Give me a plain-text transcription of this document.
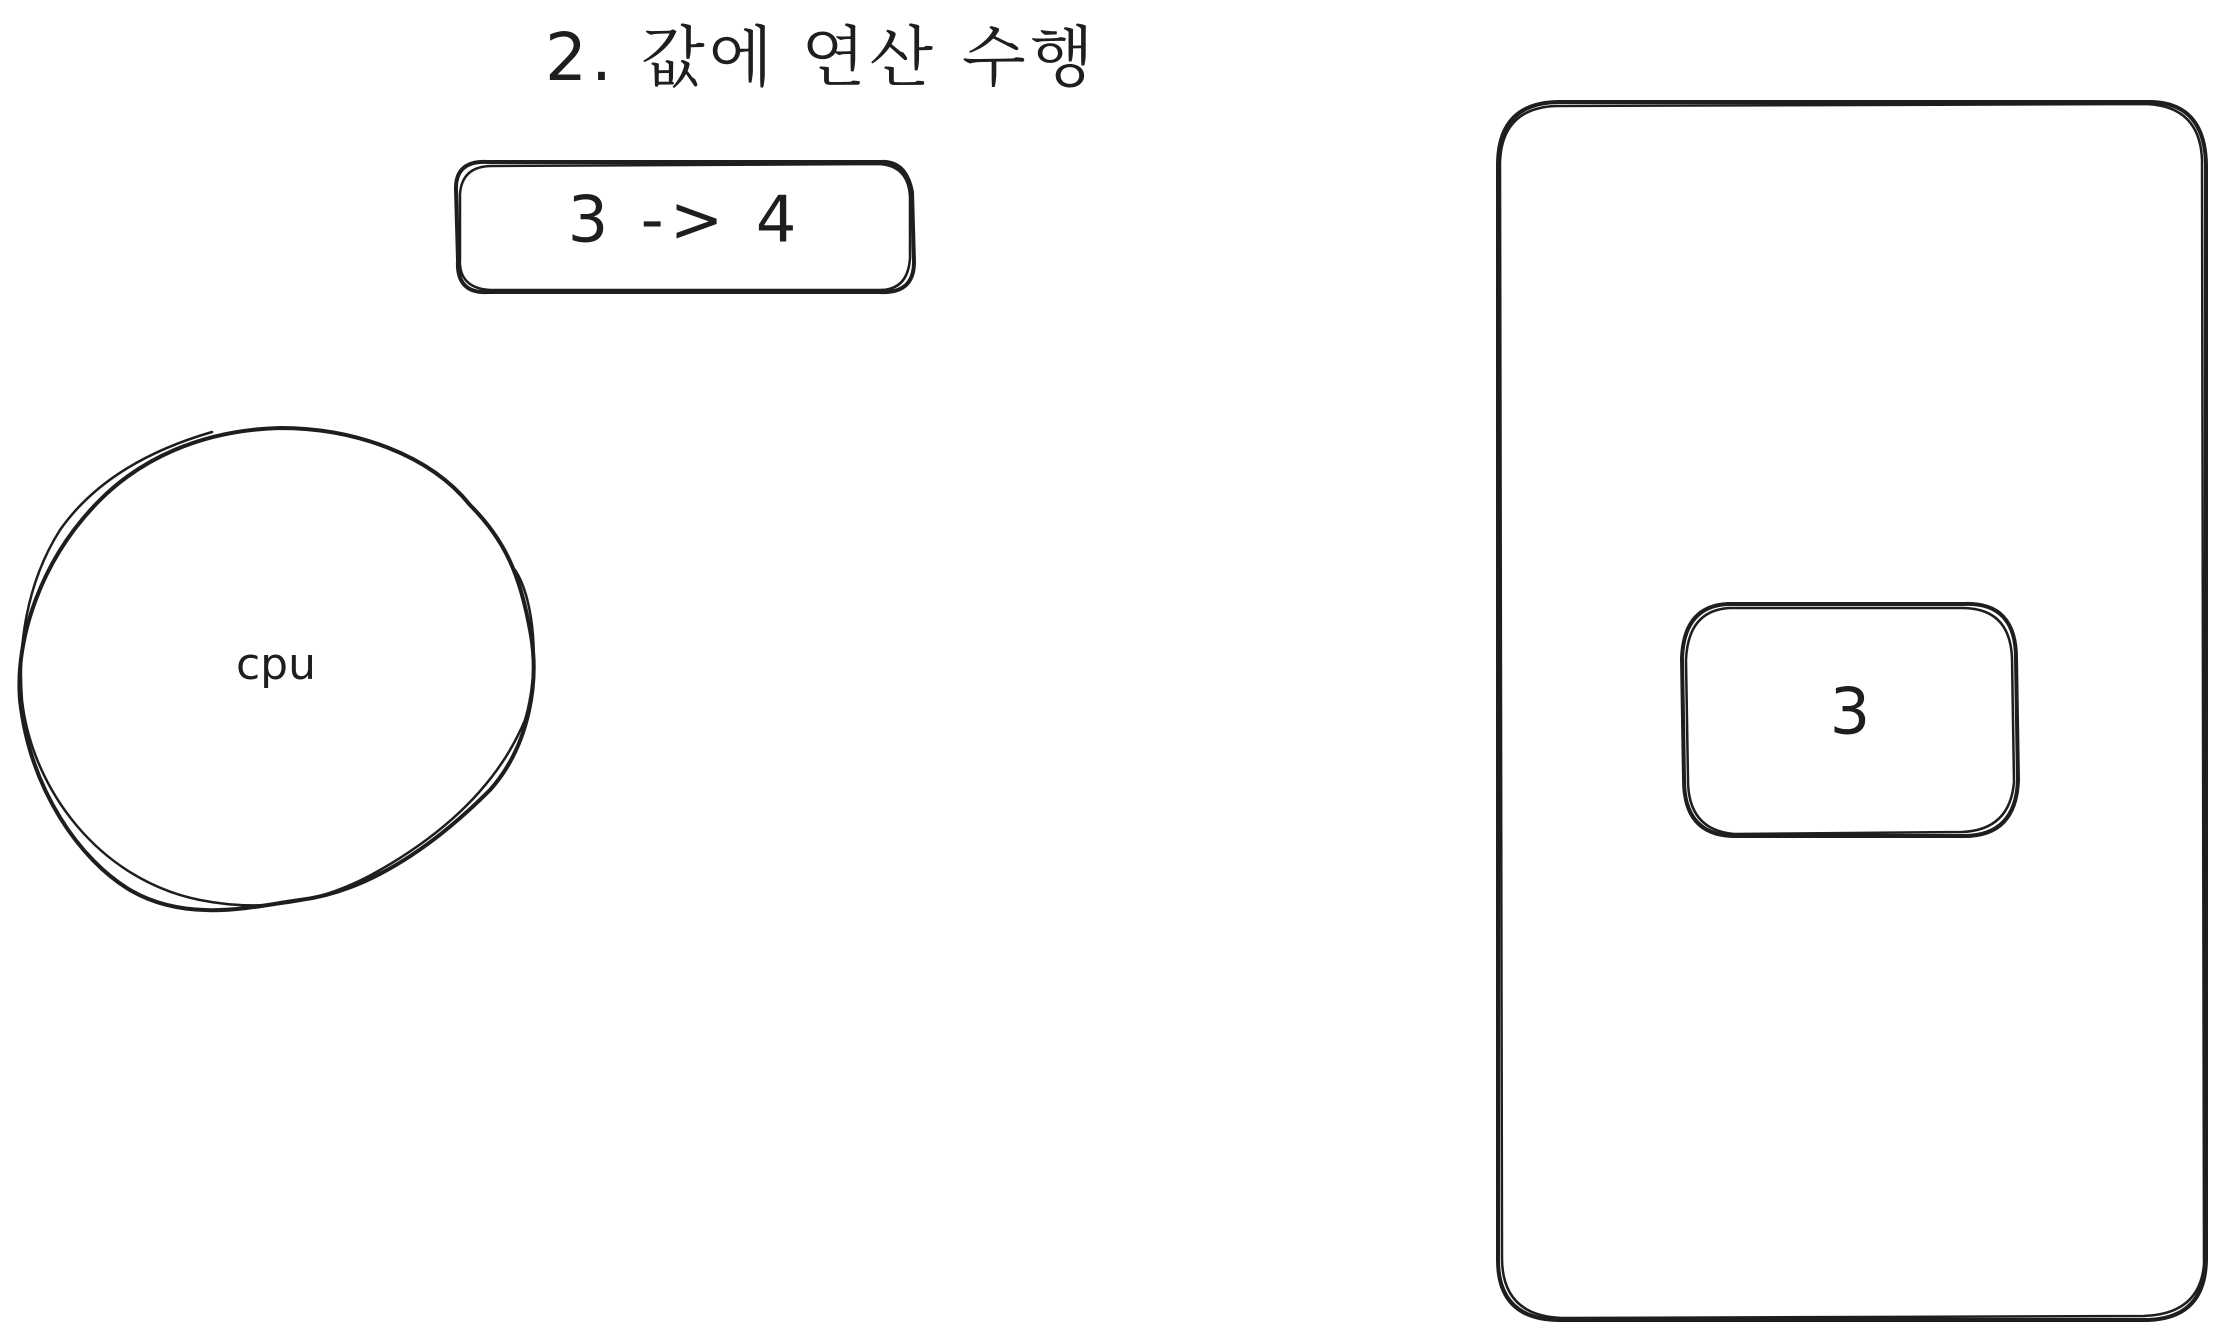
2. 값에 연산 수행
3 -> 4
cpu
3
